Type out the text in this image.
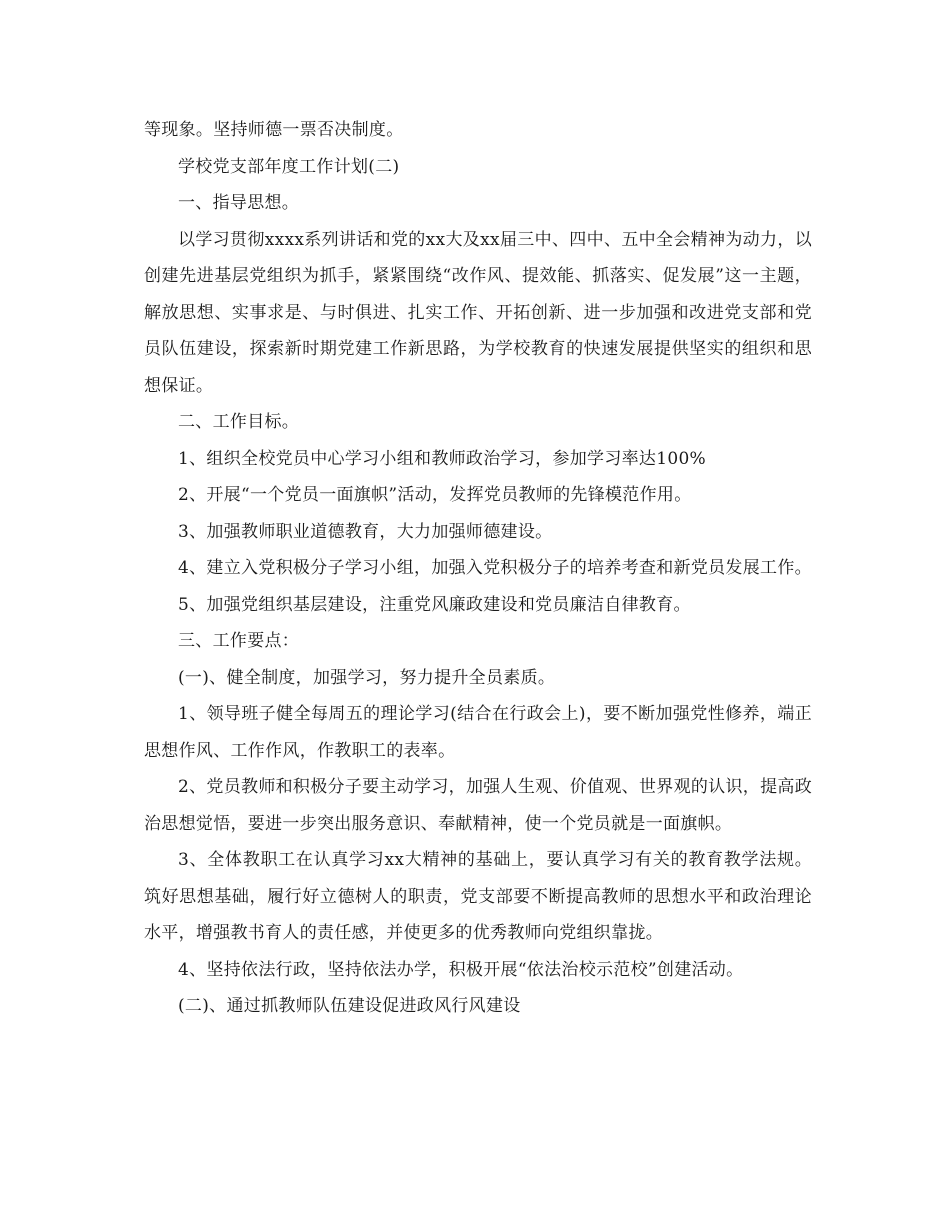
等现象。坚持师德一票否决制度。

学校党支部年度工作计划(二)

一、指导思想。

以学习贯彻xxxx系列讲话和党的xx大及xx届三中、四中、五中全会精神为动力，以创建先进基层党组织为抓手，紧紧围绕“改作风、提效能、抓落实、促发展”这一主题，解放思想、实事求是、与时俱进、扎实工作、开拓创新、进一步加强和改进党支部和党员队伍建设，探索新时期党建工作新思路，为学校教育的快速发展提供坚实的组织和思想保证。

二、工作目标。

1、组织全校党员中心学习小组和教师政治学习，参加学习率达100%

2、开展“一个党员一面旗帜”活动，发挥党员教师的先锋模范作用。

3、加强教师职业道德教育，大力加强师德建设。

4、建立入党积极分子学习小组，加强入党积极分子的培养考查和新党员发展工作。

5、加强党组织基层建设，注重党风廉政建设和党员廉洁自律教育。

三、工作要点：

(一)、健全制度，加强学习，努力提升全员素质。

1、领导班子健全每周五的理论学习(结合在行政会上)，要不断加强党性修养，端正思想作风、工作作风，作教职工的表率。

2、党员教师和积极分子要主动学习，加强人生观、价值观、世界观的认识，提高政治思想觉悟，要进一步突出服务意识、奉献精神，使一个党员就是一面旗帜。

3、全体教职工在认真学习xx大精神的基础上，要认真学习有关的教育教学法规。筑好思想基础，履行好立德树人的职责，党支部要不断提高教师的思想水平和政治理论水平，增强教书育人的责任感，并使更多的优秀教师向党组织靠拢。

4、坚持依法行政，坚持依法办学，积极开展“依法治校示范校”创建活动。

(二)、通过抓教师队伍建设促进政风行风建设
